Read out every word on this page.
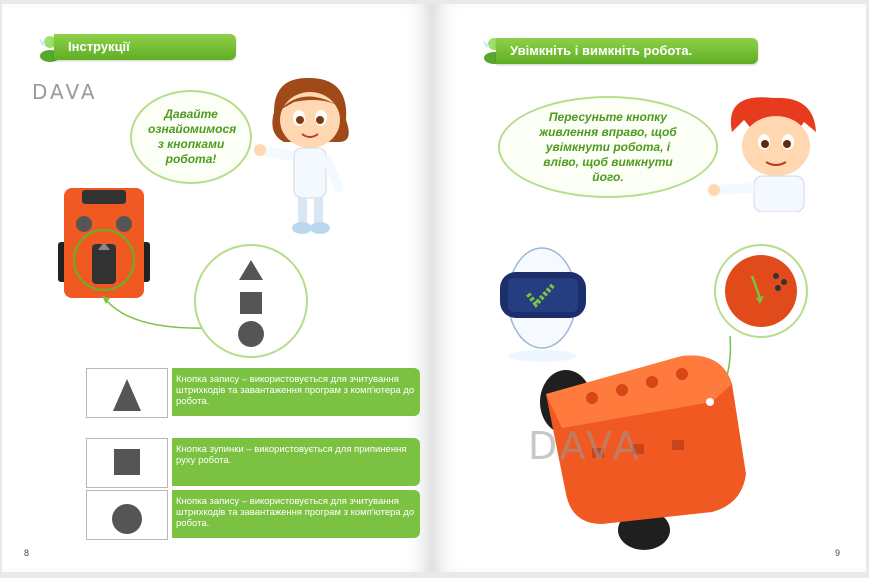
Інструкції
DAVA
Давайте ознайомимося з кнопками робота!
Кнопка запису – використовується для зчитування штрихкодів та завантаження програм з комп'ютера до робота.
Кнопка зупинки – використовується для припинення руху робота.
Кнопка запису – використовується для зчитування штрихкодів та завантаження програм з комп'ютера до робота.
8
Увімкніть і вимкніть робота.
Пересуньте кнопку живлення вправо, щоб увімкнути робота, і вліво, щоб вимкнути його.
DAVA
9
